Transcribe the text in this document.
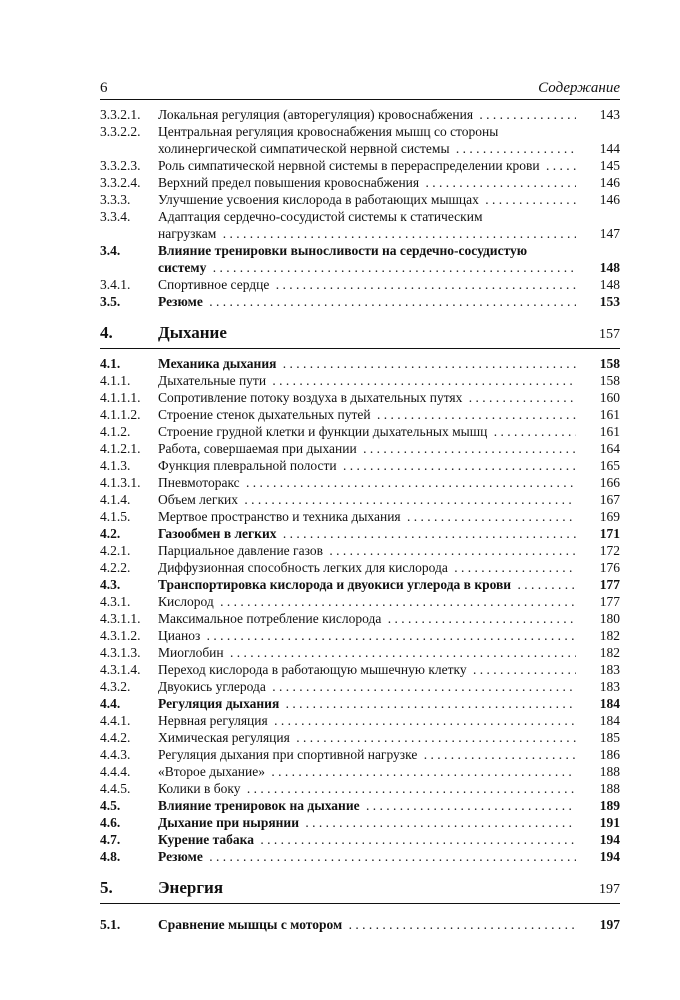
6	Содержание
3.3.2.1.	Локальная регуляция (авторегуляция) кровоснабжения . . .	143
3.3.2.2.	Центральная регуляция кровоснабжения мышц со стороны
холинергической симпатической нервной системы . . .	144
3.3.2.3.	Роль симпатической нервной системы в перераспределении крови . . .	145
3.3.2.4.	Верхний предел повышения кровоснабжения . . .	146
3.3.3.	Улучшение усвоения кислорода в работающих мышцах . . .	146
3.3.4.	Адаптация сердечно-сосудистой системы к статическим
нагрузкам . . .	147
3.4.	Влияние тренировки выносливости на сердечно-сосудистую
систему . . .	148
3.4.1.	Спортивное сердце . . .	148
3.5.	Резюме . . .	153
4.	Дыхание	157
4.1.	Механика дыхания . . .	158
4.1.1.	Дыхательные пути . . .	158
4.1.1.1.	Сопротивление потоку воздуха в дыхательных путях . . .	160
4.1.1.2.	Строение стенок дыхательных путей . . .	161
4.1.2.	Строение грудной клетки и функции дыхательных мышц . . .	161
4.1.2.1.	Работа, совершаемая при дыхании . . .	164
4.1.3.	Функция плевральной полости . . .	165
4.1.3.1.	Пневмоторакс . . .	166
4.1.4.	Объем легких . . .	167
4.1.5.	Мертвое пространство и техника дыхания . . .	169
4.2.	Газообмен в легких . . .	171
4.2.1.	Парциальное давление газов . . .	172
4.2.2.	Диффузионная способность легких для кислорода . . .	176
4.3.	Транспортировка кислорода и двуокиси углерода в крови . . .	177
4.3.1.	Кислород . . .	177
4.3.1.1.	Максимальное потребление кислорода . . .	180
4.3.1.2.	Цианоз . . .	182
4.3.1.3.	Миоглобин . . .	182
4.3.1.4.	Переход кислорода в работающую мышечную клетку . . .	183
4.3.2.	Двуокись углерода . . .	183
4.4.	Регуляция дыхания . . .	184
4.4.1.	Нервная регуляция . . .	184
4.4.2.	Химическая регуляция . . .	185
4.4.3.	Регуляция дыхания при спортивной нагрузке . . .	186
4.4.4.	«Второе дыхание» . . .	188
4.4.5.	Колики в боку . . .	188
4.5.	Влияние тренировок на дыхание . . .	189
4.6.	Дыхание при нырянии . . .	191
4.7.	Курение табака . . .	194
4.8.	Резюме . . .	194
5.	Энергия	197
5.1.	Сравнение мышцы с мотором . . .	197
